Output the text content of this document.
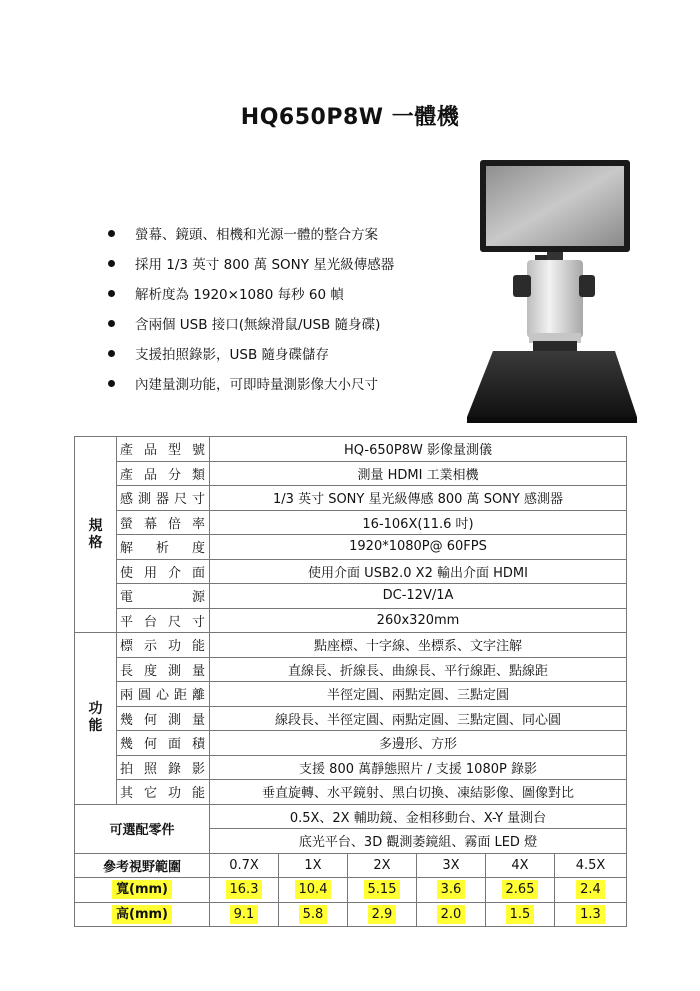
HQ650P8W 一體機
螢幕、鏡頭、相機和光源一體的整合方案
採用 1/3 英寸 800 萬 SONY 星光級傳感器
解析度為 1920×1080 每秒 60 幀
含兩個 USB 接口(無線滑鼠/USB 隨身碟)
支援拍照錄影，USB 隨身碟儲存
內建量測功能，可即時量測影像大小尺寸
規格	產品型號	HQ-650P8W 影像量測儀					
	產品分類	測量 HDMI 工業相機					
	感測器尺寸	1/3 英寸 SONY 星光級傳感 800 萬 SONY 感測器					
	螢幕倍率	16-106X(11.6 吋)					
	解析度	1920*1080P@ 60FPS					
	使用介面	使用介面 USB2.0 X2 輸出介面 HDMI					
	電源	DC-12V/1A					
	平台尺寸	260x320mm					
功能	標示功能	點座標、十字線、坐標系、文字注解					
	長度測量	直線長、折線長、曲線長、平行線距、點線距					
	兩圓心距離	半徑定圓、兩點定圓、三點定圓					
	幾何測量	線段長、半徑定圓、兩點定圓、三點定圓、同心圓					
	幾何面積	多邊形、方形					
	拍照錄影	支援 800 萬靜態照片 / 支援 1080P 錄影					
	其它功能	垂直旋轉、水平鏡射、黑白切換、凍結影像、圖像對比					
可選配零件		0.5X、2X 輔助鏡、金相移動台、X-Y 量測台					
		底光平台、3D 觀測萎鏡組、霧面 LED 燈					
參考視野範圍		0.7X	1X	2X	3X	4X	4.5X
寬(mm)		16.3	10.4	5.15	3.6	2.65	2.4
高(mm)		9.1	5.8	2.9	2.0	1.5	1.3
